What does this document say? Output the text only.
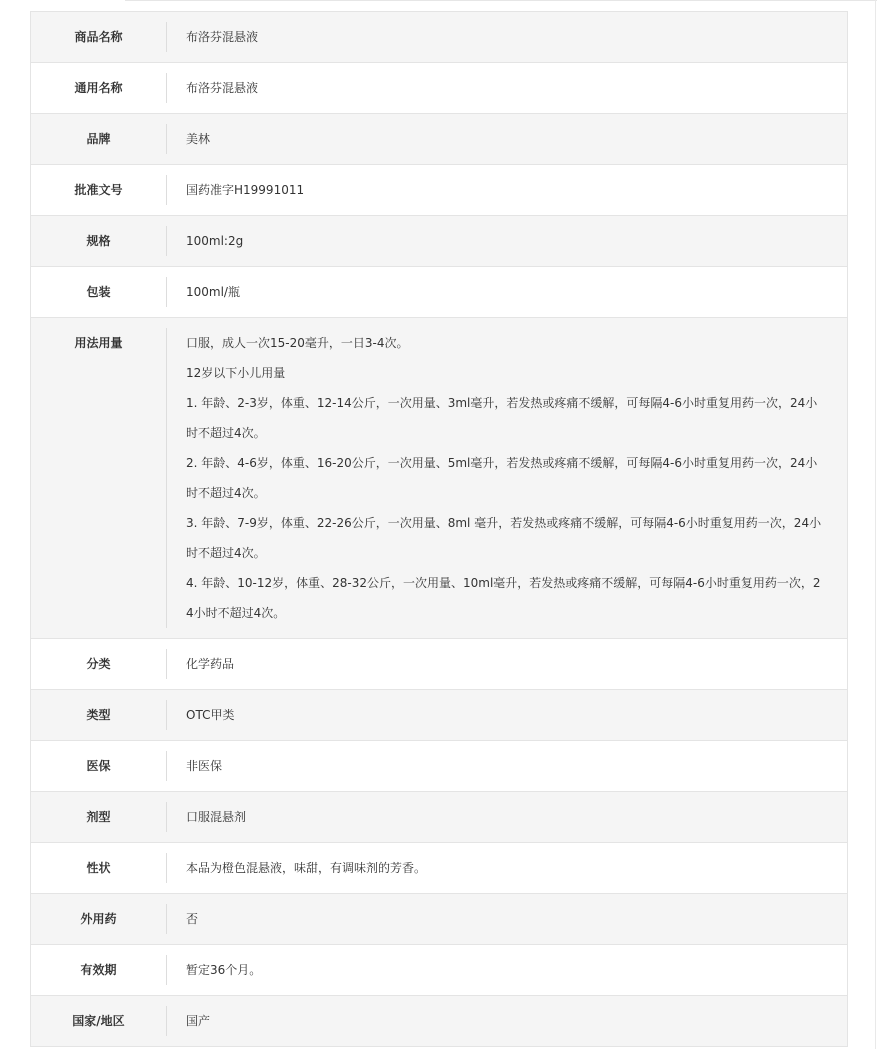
商品名称	布洛芬混悬液
通用名称	布洛芬混悬液
品牌	美林
批准文号	国药准字H19991011
规格	100ml:2g
包装	100ml/瓶
用法用量	口服，成人一次15-20毫升，一日3-4次。

12岁以下小儿用量

1. 年龄、2-3岁，体重、12-14公斤，一次用量、3ml毫升，若发热或疼痛不缓解，可每隔4-6小时重复用药一次，24小时不超过4次。

2. 年龄、4-6岁，体重、16-20公斤，一次用量、5ml毫升，若发热或疼痛不缓解，可每隔4-6小时重复用药一次，24小时不超过4次。

3. 年龄、7-9岁，体重、22-26公斤，一次用量、8ml 毫升，若发热或疼痛不缓解，可每隔4-6小时重复用药一次，24小时不超过4次。

4. 年龄、10-12岁，体重、28-32公斤，一次用量、10ml毫升，若发热或疼痛不缓解，可每隔4-6小时重复用药一次，24小时不超过4次。

分类	化学药品
类型	OTC甲类
医保	非医保
剂型	口服混悬剂
性状	本品为橙色混悬液，味甜，有调味剂的芳香。
外用药	否
有效期	暂定36个月。
国家/地区	国产
